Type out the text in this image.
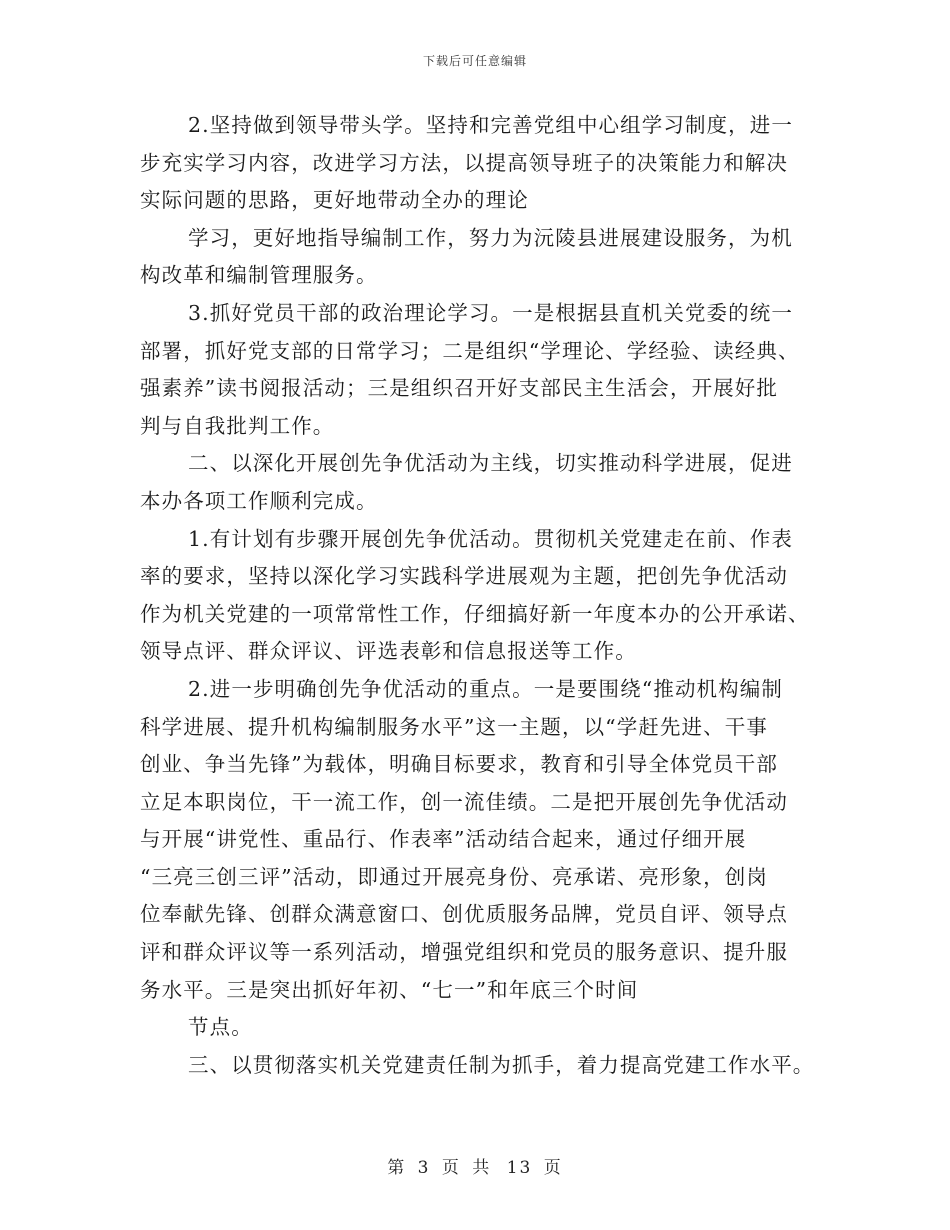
下载后可任意编辑
2.坚持做到领导带头学。坚持和完善党组中心组学习制度，进一
步充实学习内容，改进学习方法，以提高领导班子的决策能力和解决
实际问题的思路，更好地带动全办的理论
学习，更好地指导编制工作，努力为沅陵县进展建设服务，为机
构改革和编制管理服务。
3.抓好党员干部的政治理论学习。一是根据县直机关党委的统一
部署，抓好党支部的日常学习；二是组织“学理论、学经验、读经典、
强素养”读书阅报活动；三是组织召开好支部民主生活会，开展好批
判与自我批判工作。
二、以深化开展创先争优活动为主线，切实推动科学进展，促进
本办各项工作顺利完成。
1.有计划有步骤开展创先争优活动。贯彻机关党建走在前、作表
率的要求，坚持以深化学习实践科学进展观为主题，把创先争优活动
作为机关党建的一项常常性工作，仔细搞好新一年度本办的公开承诺、
领导点评、群众评议、评选表彰和信息报送等工作。
2.进一步明确创先争优活动的重点。一是要围绕“推动机构编制
科学进展、提升机构编制服务水平”这一主题，以“学赶先进、干事
创业、争当先锋”为载体，明确目标要求，教育和引导全体党员干部
立足本职岗位，干一流工作，创一流佳绩。二是把开展创先争优活动
与开展“讲党性、重品行、作表率”活动结合起来，通过仔细开展
“三亮三创三评”活动，即通过开展亮身份、亮承诺、亮形象，创岗
位奉献先锋、创群众满意窗口、创优质服务品牌，党员自评、领导点
评和群众评议等一系列活动，增强党组织和党员的服务意识、提升服
务水平。三是突出抓好年初、“七一”和年底三个时间
节点。
三、以贯彻落实机关党建责任制为抓手，着力提高党建工作水平。
第 3 页 共 13 页
